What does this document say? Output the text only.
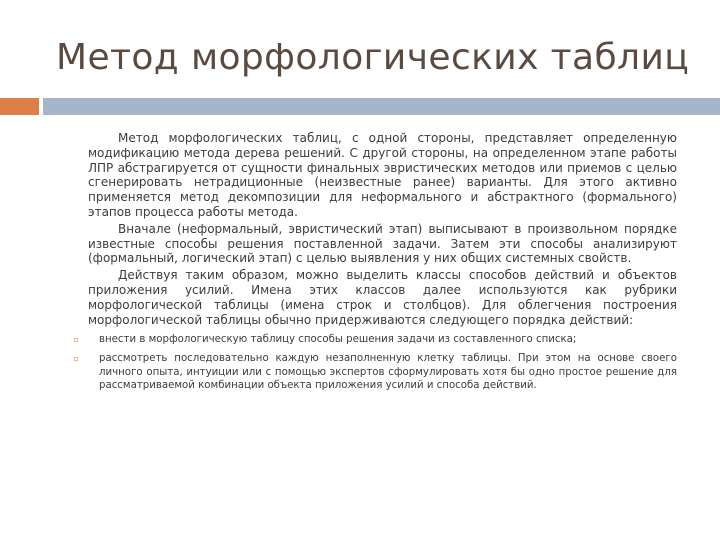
Метод морфологических таблиц

Метод морфологических таблиц, с одной стороны, представляет определенную модификацию метода дерева решений. С другой стороны, на определенном этапе работы ЛПР абстрагируется от сущности финальных эвристических методов или приемов с целью сгенерировать нетрадиционные (неизвестные ранее) варианты. Для этого активно применяется метод декомпозиции для неформального и абстрактного (формального) этапов процесса работы метода.

Вначале (неформальный, эвристический этап) выписывают в произвольном порядке известные способы решения поставленной задачи. Затем эти способы анализируют (формальный, логический этап) с целью выявления у них общих системных свойств.

Действуя таким образом, можно выделить классы способов действий и объектов приложения усилий. Имена этих классов далее используются как рубрики морфологической таблицы (имена строк и столбцов). Для облегчения построения морфологической таблицы обычно придерживаются следующего порядка действий:

▫ внести в морфологическую таблицу способы решения задачи из составленного списка;
▫ рассмотреть последовательно каждую незаполненную клетку таблицы. При этом на основе своего личного опыта, интуиции или с помощью экспертов сформулировать хотя бы одно простое решение для рассматриваемой комбинации объекта приложения усилий и способа действий.
